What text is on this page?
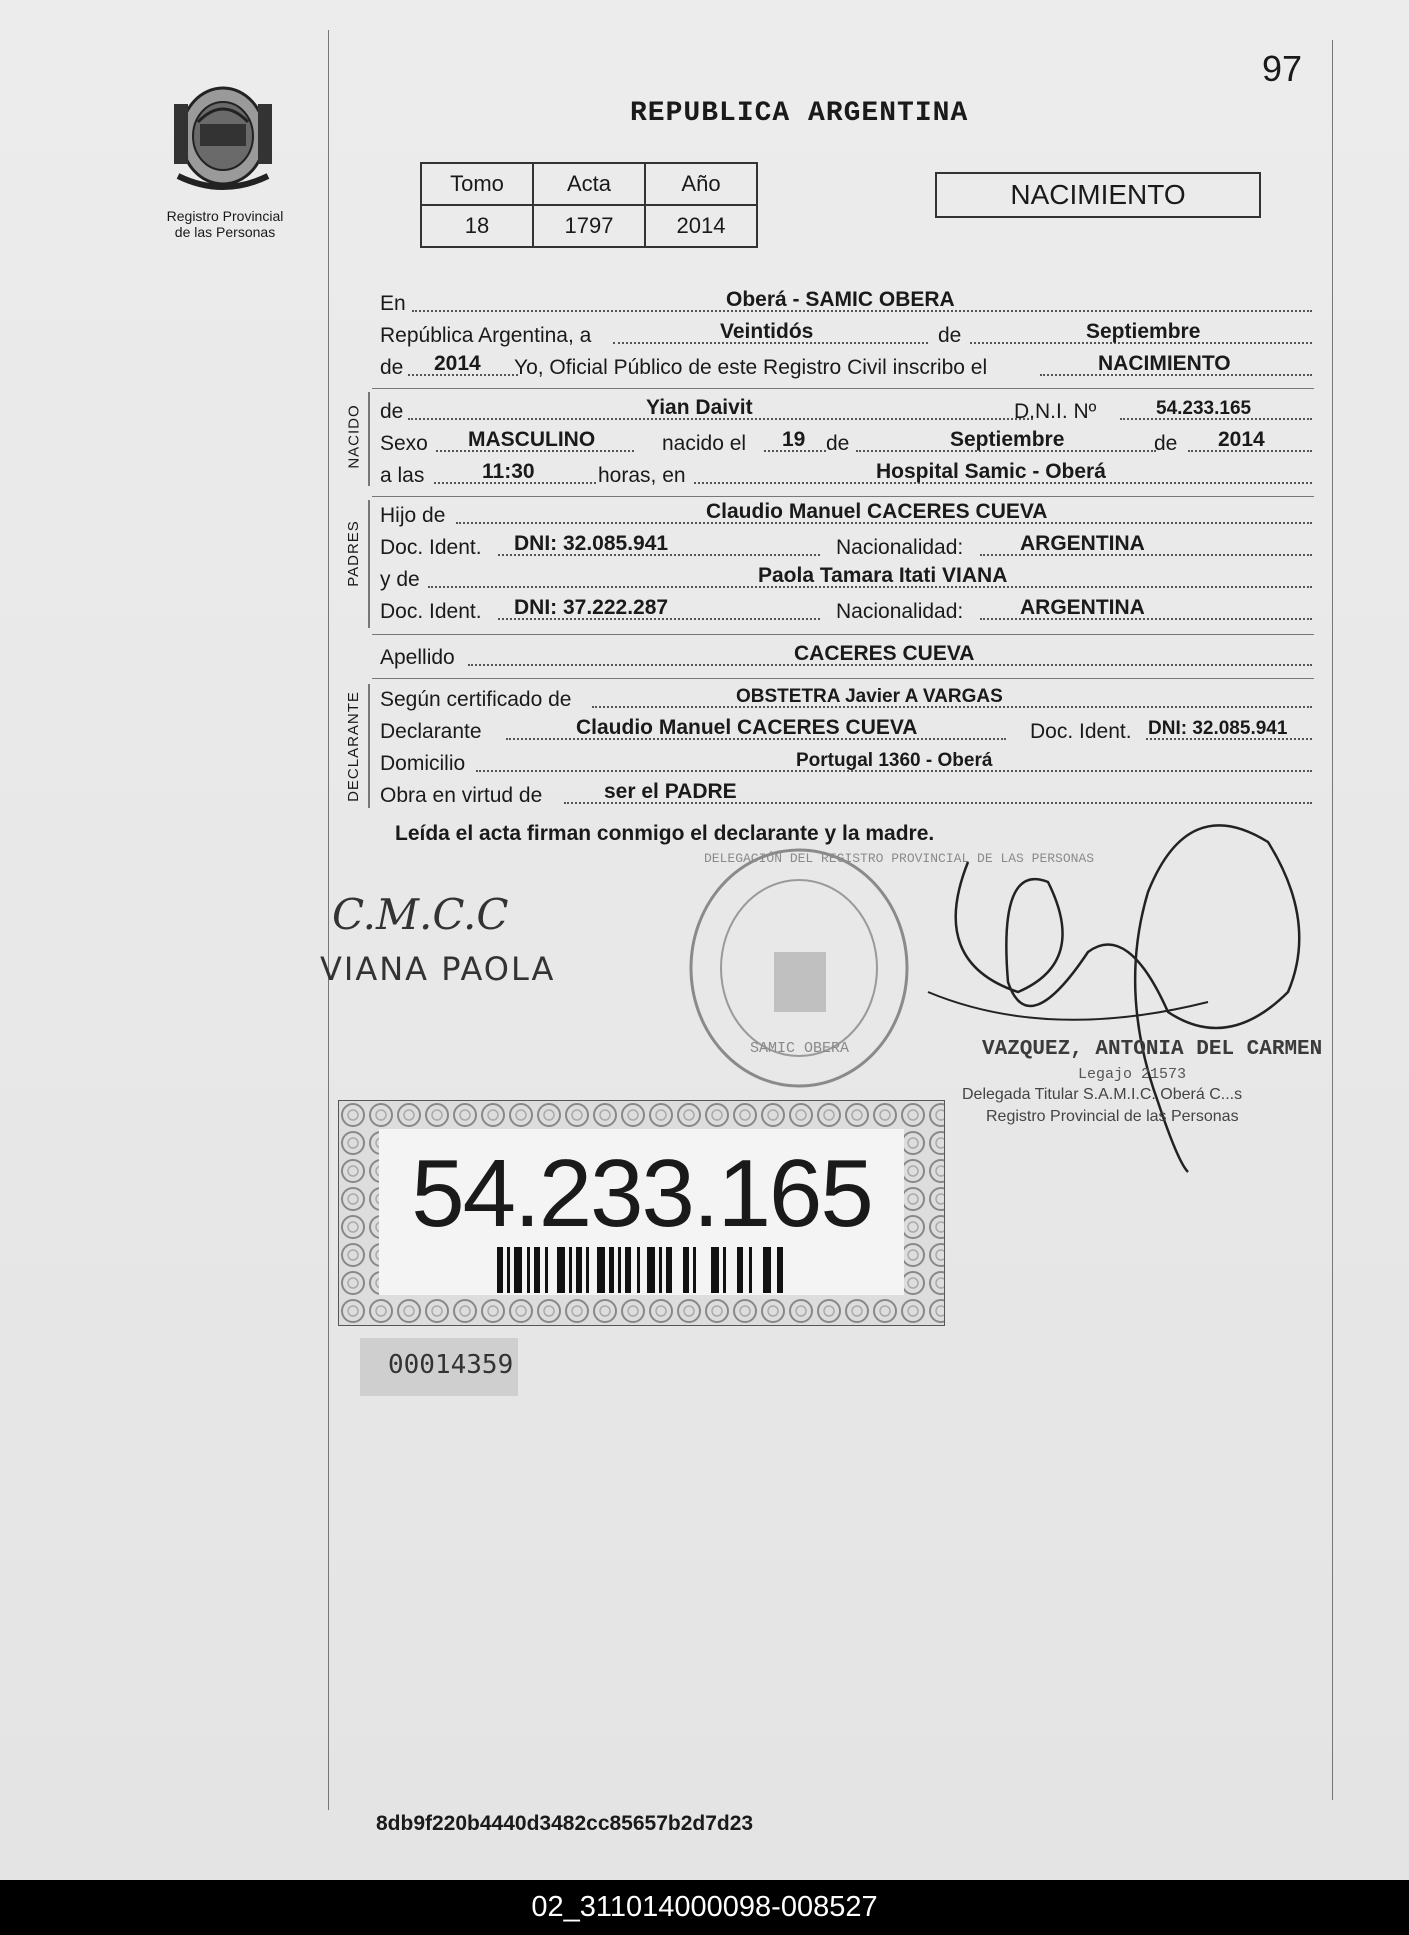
Registro Provincial
de las Personas
97
REPUBLICA ARGENTINA
Tomo	Acta	Año
18	1797	2014
NACIMIENTO
En	Oberá - SAMIC OBERA
República Argentina, a	Veintidós	de	Septiembre
de 2014 Yo, Oficial Público de este Registro Civil inscribo el	NACIMIENTO
NACIDO de	Yian Daivit	D.N.I. Nº	54.233.165
Sexo MASCULINO	nacido el 19 de	Septiembre	de 2014
a las	11:30	horas, en	Hospital Samic - Oberá
PADRES
Hijo de	Claudio Manuel CACERES CUEVA
Doc. Ident. DNI: 32.085.941	Nacionalidad:	ARGENTINA
y de	Paola Tamara Itati VIANA
Doc. Ident. DNI: 37.222.287	Nacionalidad:	ARGENTINA
Apellido	CACERES CUEVA
DECLARANTE Según certificado de	OBSTETRA Javier A VARGAS
Declarante	Claudio Manuel CACERES CUEVA	Doc. Ident. DNI: 32.085.941
Domicilio	Portugal 1360 - Oberá
Obra en virtud de	ser el PADRE
Leída el acta firman conmigo el declarante y la madre.
C.M.C.C
VIANA PAOLA
DELEGACIÓN DEL REGISTRO PROVINCIAL DE LAS PERSONAS
SAMIC OBERA	VAZQUEZ, ANTONIA DEL CARMEN
Legajo 21573
Delegada Titular S.A.M.I.C. Oberá C...s
Registro Provincial de las Personas
54.233.165
00014359
8db9f220b4440d3482cc85657b2d7d23
02_311014000098-008527
